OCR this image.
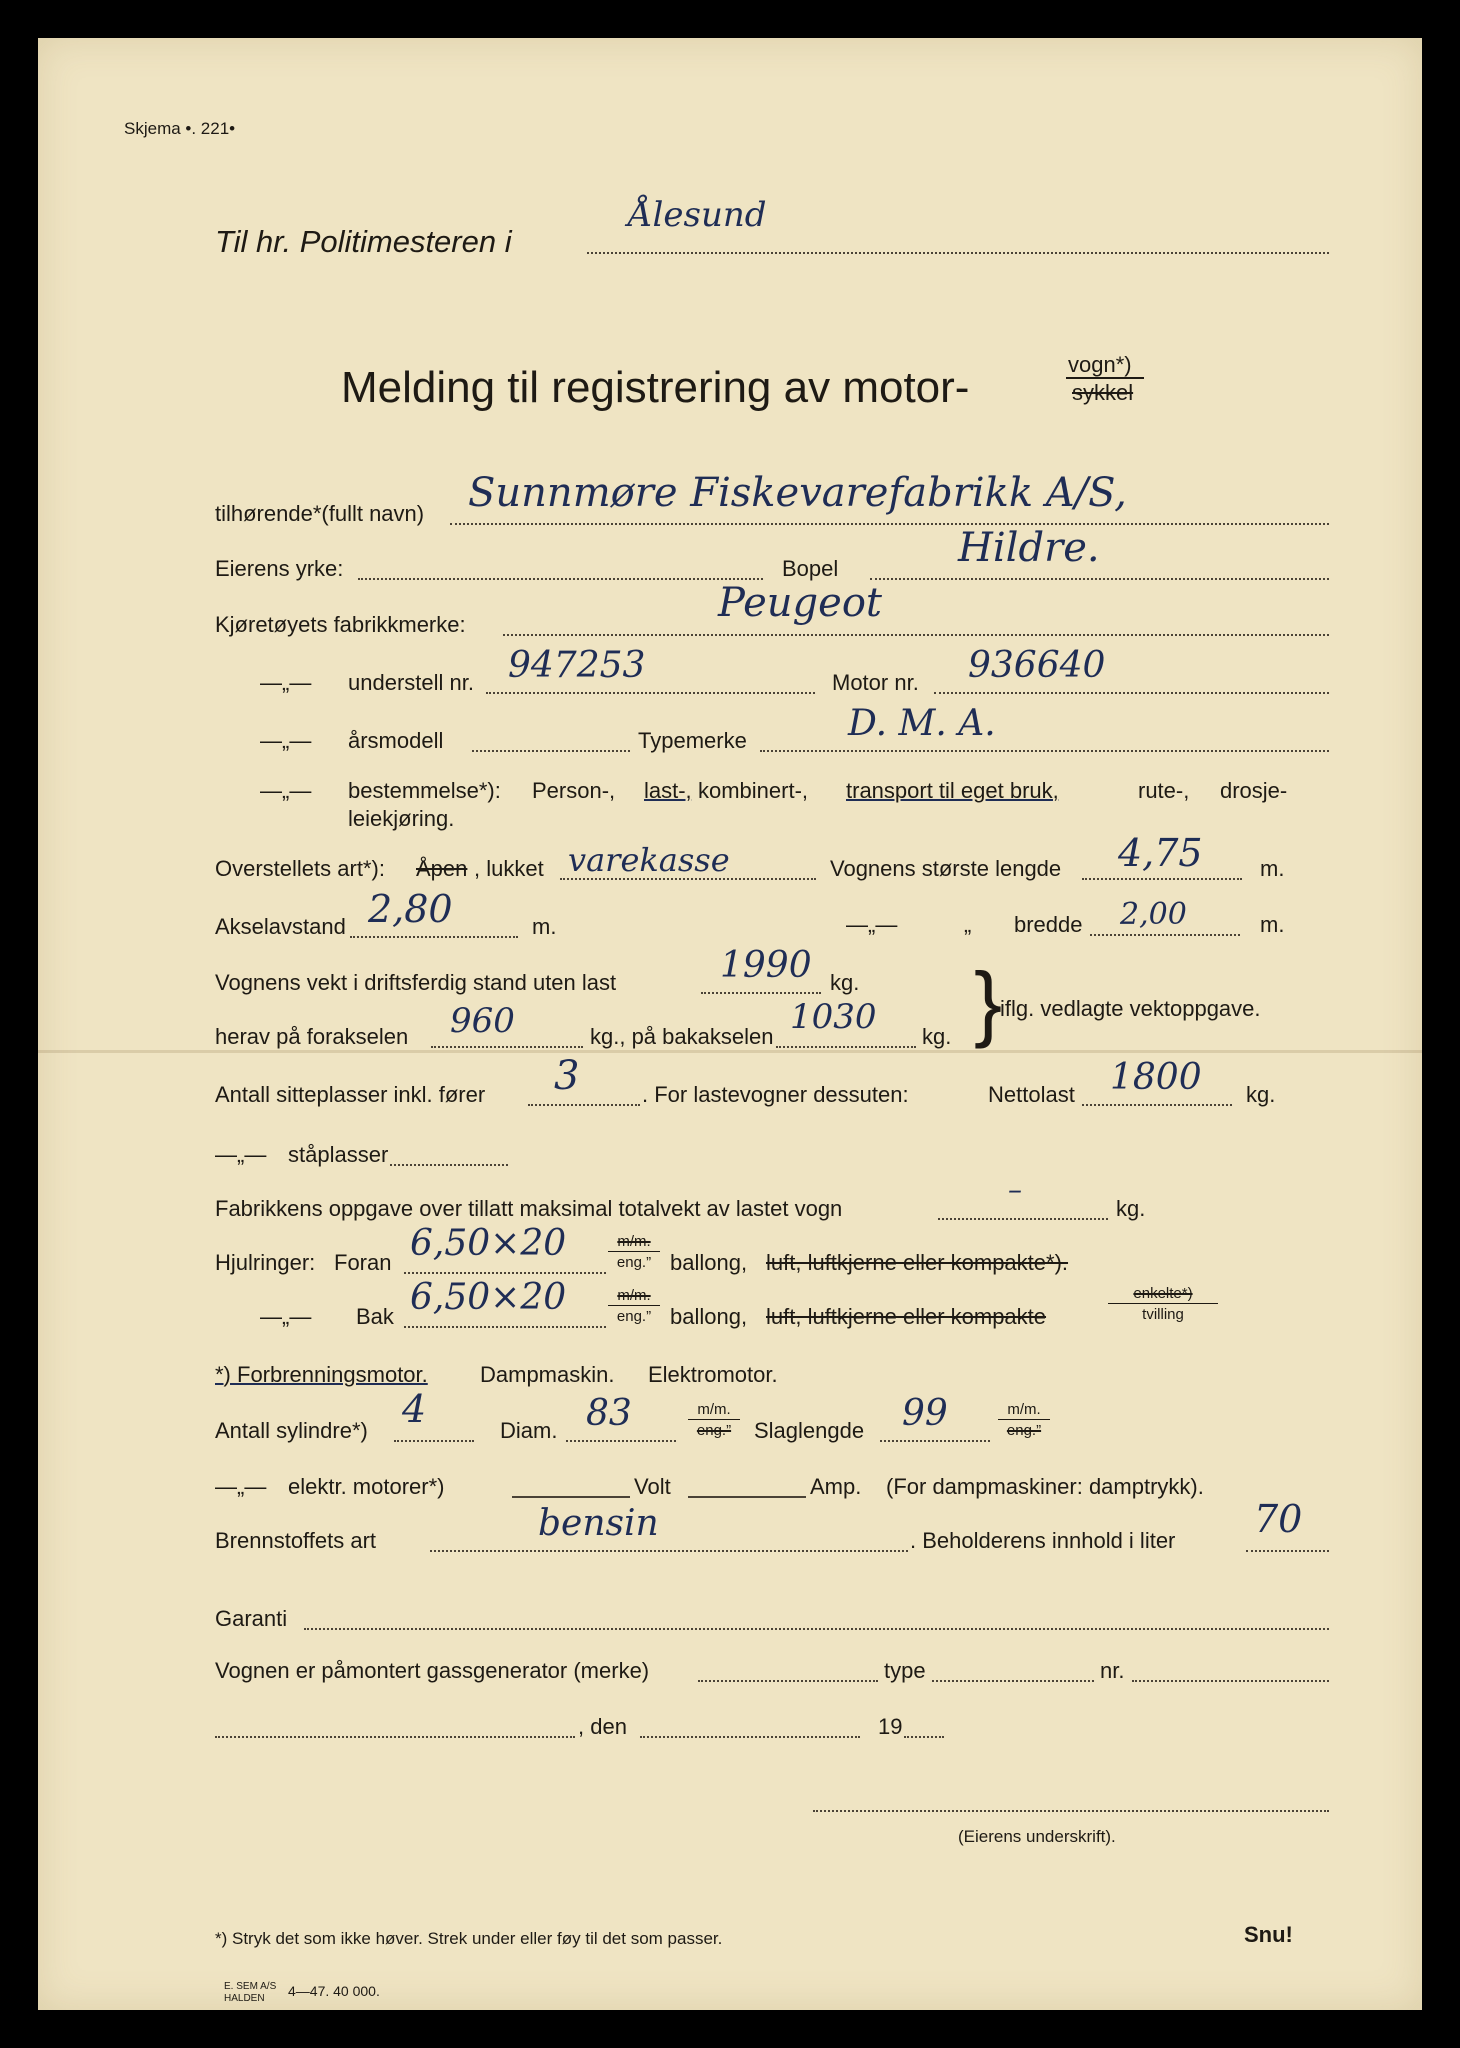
Skjema •. 221•
Til hr. Politimesteren i
Ålesund
Melding til registrering av motor-	vogn*)
sykkel
tilhørende*(fullt navn) Sunnmøre Fiskevarefabrikk A/S,
Eierens yrke:	Bopel	Hildre.
Kjøretøyets fabrikkmerke:	Peugeot
—„— understell nr. 947253	Motor nr. 936640
—„— årsmodell	Typemerke	D. M. A.
—„— bestemmelse*): Person-, last-, kombinert-, transport til eget bruk,	rute-, drosje-
leiekjøring.
Overstellets art*): Åpen , lukket varekasse	Vognens største lengde 4,75	m.
Akselavstand 2,80	m.	—„—	„ bredde 2,00	m.
Vognens vekt i driftsferdig stand uten last	1990 kg.
herav på forakselen 960	kg., på bakakselen 1030 kg. }
iflg. vedlagte vektoppgave.
Antall sitteplasser inkl. fører 3	. For lastevogner dessuten:	Nettolast 1800 kg.
—„— ståplasser
Fabrikkens oppgave over tillatt maksimal totalvekt av lastet vogn
–
kg.
Hjulringer: Foran 6,50×20	m/m.
eng.” ballong, luft, luftkjerne eller kompakte*).
—„— Bak 6,50×20	m/m.
eng.” ballong, luft, luftkjerne eller kompakte
enkelte*)
tvilling
*) Forbrenningsmotor. Dampmaskin. Elektromotor.
Antall sylindre*) 4	Diam. 83	m/m.
eng.”	Slaglengde 99	m/m.
eng.”
—„— elektr. motorer*)	Volt	Amp. (For dampmaskiner: damptrykk).
Brennstoffets art	bensin	. Beholderens innhold i liter 70
Garanti
Vognen er påmontert gassgenerator (merke)	type	nr.
, den	19
(Eierens underskrift).
*) Stryk det som ikke høver. Strek under eller føy til det som passer.	Snu!
E. SEM A/S
HALDEN 4—47. 40 000.
